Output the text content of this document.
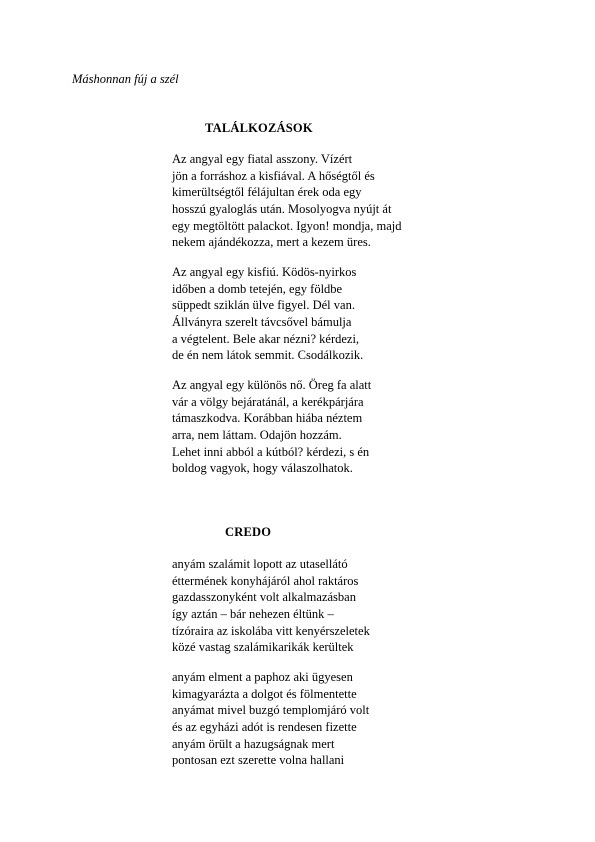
Máshonnan fúj a szél
TALÁLKOZÁSOK
Az angyal egy fiatal asszony. Vízért
jön a forráshoz a kisfiával. A hőségtől és
kimerültségtől félájultan érek oda egy
hosszú gyaloglás után. Mosolyogva nyújt át
egy megtöltött palackot. Igyon! mondja, majd
nekem ajándékozza, mert a kezem üres.
Az angyal egy kisfiú. Ködös-nyirkos
időben a domb tetején, egy földbe
süppedt sziklán ülve figyel. Dél van.
Állványra szerelt távcsővel bámulja
a végtelent. Bele akar nézni? kérdezi,
de én nem látok semmit. Csodálkozik.
Az angyal egy különös nő. Öreg fa alatt
vár a völgy bejáratánál, a kerékpárjára
támaszkodva. Korábban hiába néztem
arra, nem láttam. Odajön hozzám.
Lehet inni abból a kútból? kérdezi, s én
boldog vagyok, hogy válaszolhatok.
CREDO
anyám szalámit lopott az utasellátó
éttermének konyhájáról ahol raktáros
gazdasszonyként volt alkalmazásban
így aztán – bár nehezen éltünk –
tízóraira az iskolába vitt kenyérszeletek
közé vastag szalámikarikák kerültek
anyám elment a paphoz aki ügyesen
kimagyarázta a dolgot és fölmentette
anyámat mivel buzgó templomjáró volt
és az egyházi adót is rendesen fizette
anyám örült a hazugságnak mert
pontosan ezt szerette volna hallani
